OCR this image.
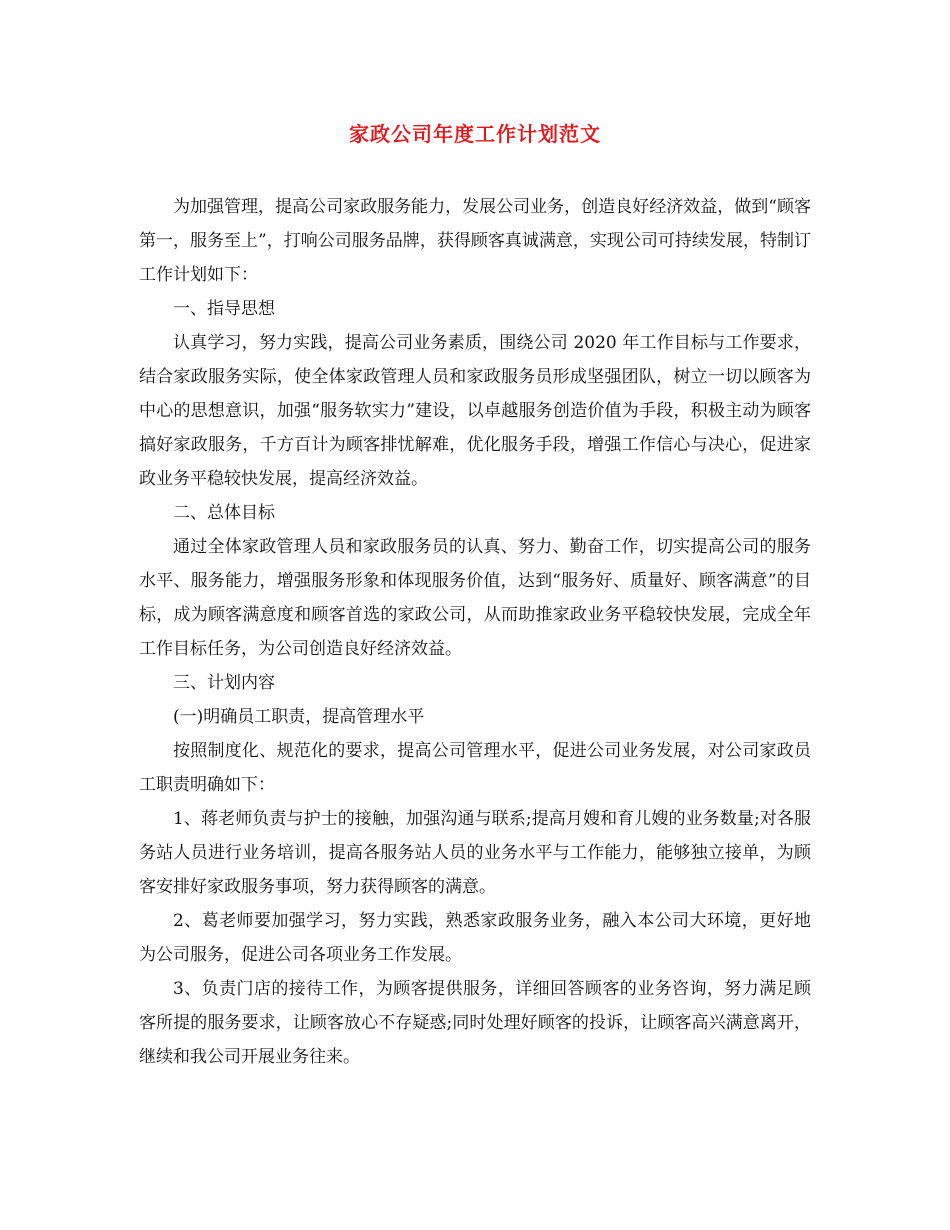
家政公司年度工作计划范文

为加强管理，提高公司家政服务能力，发展公司业务，创造良好经济效益，做到“顾客第一，服务至上”，打响公司服务品牌，获得顾客真诚满意，实现公司可持续发展，特制订工作计划如下：

一、指导思想

认真学习，努力实践，提高公司业务素质，围绕公司 2020 年工作目标与工作要求，结合家政服务实际，使全体家政管理人员和家政服务员形成坚强团队，树立一切以顾客为中心的思想意识，加强“服务软实力”建设，以卓越服务创造价值为手段，积极主动为顾客搞好家政服务，千方百计为顾客排忧解难，优化服务手段，增强工作信心与决心，促进家政业务平稳较快发展，提高经济效益。

二、总体目标

通过全体家政管理人员和家政服务员的认真、努力、勤奋工作，切实提高公司的服务水平、服务能力，增强服务形象和体现服务价值，达到“服务好、质量好、顾客满意”的目标，成为顾客满意度和顾客首选的家政公司，从而助推家政业务平稳较快发展，完成全年工作目标任务，为公司创造良好经济效益。

三、计划内容

(一)明确员工职责，提高管理水平

按照制度化、规范化的要求，提高公司管理水平，促进公司业务发展，对公司家政员工职责明确如下：

1、蒋老师负责与护士的接触，加强沟通与联系;提高月嫂和育儿嫂的业务数量;对各服务站人员进行业务培训，提高各服务站人员的业务水平与工作能力，能够独立接单，为顾客安排好家政服务事项，努力获得顾客的满意。

2、葛老师要加强学习，努力实践，熟悉家政服务业务，融入本公司大环境，更好地为公司服务，促进公司各项业务工作发展。

3、负责门店的接待工作，为顾客提供服务，详细回答顾客的业务咨询，努力满足顾客所提的服务要求，让顾客放心不存疑惑;同时处理好顾客的投诉，让顾客高兴满意离开，继续和我公司开展业务往来。
